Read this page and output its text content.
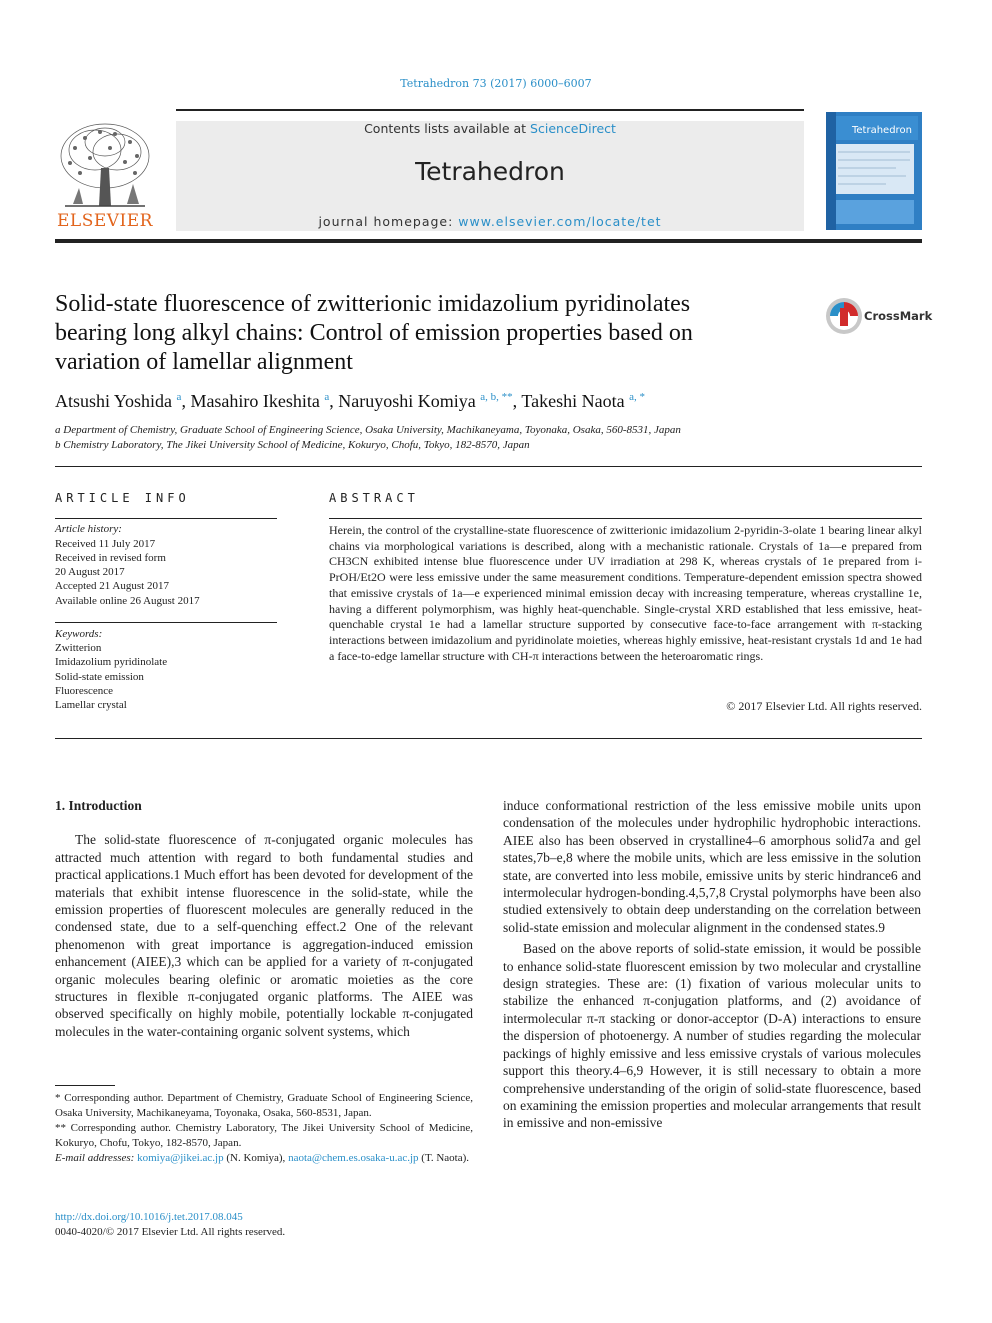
Tetrahedron 73 (2017) 6000–6007
ELSEVIER
Contents lists available at ScienceDirect
Tetrahedron
journal homepage: www.elsevier.com/locate/tet
Tetrahedron
Solid-state fluorescence of zwitterionic imidazolium pyridinolates
bearing long alkyl chains: Control of emission properties based on
variation of lamellar alignment
CrossMark
Atsushi Yoshida $^a$, Masahiro Ikeshita $^a$, Naruyoshi Komiya $^{a, b, **}$, Takeshi Naota $^{a, *}$
a Department of Chemistry, Graduate School of Engineering Science, Osaka University, Machikaneyama, Toyonaka, Osaka, 560-8531, Japan
b Chemistry Laboratory, The Jikei University School of Medicine, Kokuryo, Chofu, Tokyo, 182-8570, Japan
ARTICLE INFO
Article history:
Received 11 July 2017
Received in revised form
20 August 2017
Accepted 21 August 2017
Available online 26 August 2017
Keywords:
Zwitterion
Imidazolium pyridinolate
Solid-state emission
Fluorescence
Lamellar crystal
ABSTRACT
Herein, the control of the crystalline-state fluorescence of zwitterionic imidazolium 2-pyridin-3-olate 1 bearing linear alkyl chains via morphological variations is described, along with a mechanistic rationale. Crystals of 1a—e prepared from CH3CN exhibited intense blue fluorescence under UV irradiation at 298 K, whereas crystals of 1e prepared from i-PrOH/Et2O were less emissive under the same measurement conditions. Temperature-dependent emission spectra showed that emissive crystals of 1a—e experienced minimal emission decay with increasing temperature, whereas crystalline 1e, having a different polymorphism, was highly heat-quenchable. Single-crystal XRD established that less emissive, heat-quenchable crystal 1e had a lamellar structure supported by consecutive face-to-face arrangement with π-stacking interactions between imidazolium and pyridinolate moieties, whereas highly emissive, heat-resistant crystals 1d and 1e had a face-to-edge lamellar structure with CH-π interactions between the heteroaromatic rings.
© 2017 Elsevier Ltd. All rights reserved.

1. Introduction

The solid-state fluorescence of π-conjugated organic molecules has attracted much attention with regard to both fundamental studies and practical applications.1 Much effort has been devoted for development of the materials that exhibit intense fluorescence in the solid-state, while the emission properties of fluorescent molecules are generally reduced in the condensed state, due to a self-quenching effect.2 One of the relevant phenomenon with great importance is aggregation-induced emission enhancement (AIEE),3 which can be applied for a variety of π-conjugated organic molecules bearing olefinic or aromatic moieties as the core structures in flexible π-conjugated organic platforms. The AIEE was observed specifically on highly mobile, potentially lockable π-conjugated molecules in the water-containing organic solvent systems, which

induce conformational restriction of the less emissive mobile units upon condensation of the molecules under hydrophilic hydrophobic interactions. AIEE also has been observed in crystalline4–6 amorphous solid7a and gel states,7b–e,8 where the mobile units, which are less emissive in the solution state, are converted into less mobile, emissive units by steric hindrance6 and intermolecular hydrogen-bonding.4,5,7,8 Crystal polymorphs have been also studied extensively to obtain deep understanding on the correlation between solid-state emission and molecular alignment in the condensed states.9

Based on the above reports of solid-state emission, it would be possible to enhance solid-state fluorescent emission by two molecular and crystalline design strategies. These are: (1) fixation of various molecular units to stabilize the enhanced π-conjugation platforms, and (2) avoidance of intermolecular π-π stacking or donor-acceptor (D-A) interactions to ensure the dispersion of photoenergy. A number of studies regarding the molecular packings of highly emissive and less emissive crystals of various molecules support this theory.4–6,9 However, it is still necessary to obtain a more comprehensive understanding of the origin of solid-state fluorescence, based on examining the emission properties and molecular arrangements that result in emissive and non-emissive

* Corresponding author. Department of Chemistry, Graduate School of Engineering Science, Osaka University, Machikaneyama, Toyonaka, Osaka, 560-8531, Japan.

** Corresponding author. Chemistry Laboratory, The Jikei University School of Medicine, Kokuryo, Chofu, Tokyo, 182-8570, Japan.

E-mail addresses: komiya@jikei.ac.jp (N. Komiya), naota@chem.es.osaka-u.ac.jp (T. Naota).

http://dx.doi.org/10.1016/j.tet.2017.08.045
0040-4020/© 2017 Elsevier Ltd. All rights reserved.
